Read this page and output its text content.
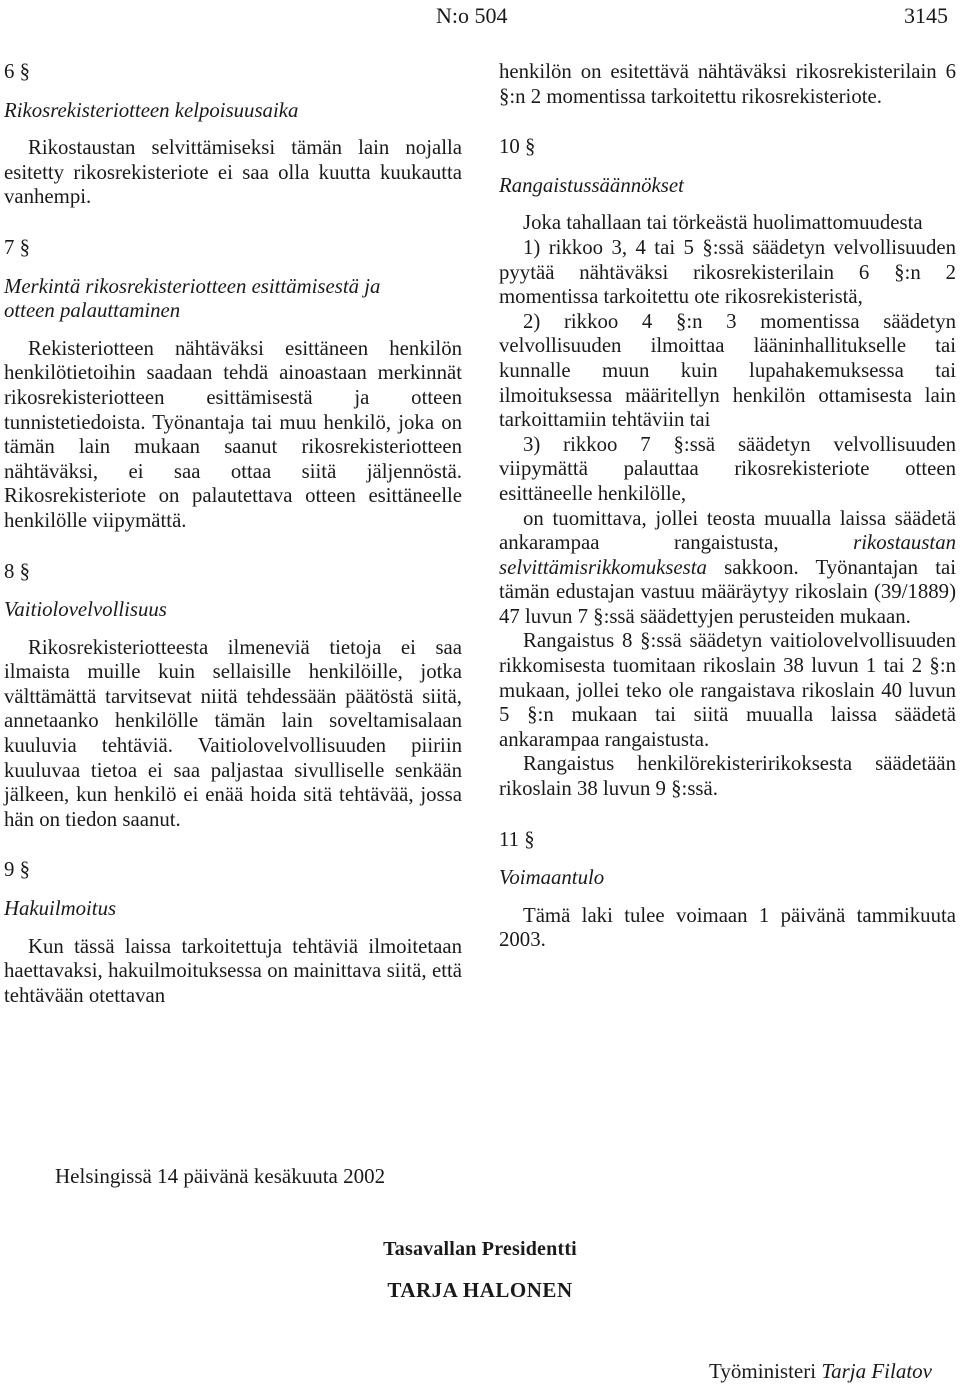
N:o 504	3145

6 §

Rikosrekisteriotteen kelpoisuusaika

Rikostaustan selvittämiseksi tämän lain nojalla esitetty rikosrekisteriote ei saa olla kuutta kuukautta vanhempi.

7 §

Merkintä rikosrekisteriotteen esittämisestä ja

otteen palauttaminen

Rekisteriotteen nähtäväksi esittäneen henkilön henkilötietoihin saadaan tehdä ainoastaan merkinnät rikosrekisteriotteen esittämisestä ja otteen tunnistetiedoista. Työnantaja tai muu henkilö, joka on tämän lain mukaan saanut rikosrekisteriotteen nähtäväksi, ei saa ottaa siitä jäljennöstä. Rikosrekisteriote on palautettava otteen esittäneelle henkilölle viipymättä.

8 §

Vaitiolovelvollisuus

Rikosrekisteriotteesta ilmeneviä tietoja ei saa ilmaista muille kuin sellaisille henkilöille, jotka välttämättä tarvitsevat niitä tehdessään päätöstä siitä, annetaanko henkilölle tämän lain soveltamisalaan kuuluvia tehtäviä. Vaitiolovelvollisuuden piiriin kuuluvaa tietoa ei saa paljastaa sivulliselle senkään jälkeen, kun henkilö ei enää hoida sitä tehtävää, jossa hän on tiedon saanut.

9 §

Hakuilmoitus

Kun tässä laissa tarkoitettuja tehtäviä ilmoitetaan haettavaksi, hakuilmoituksessa on mainittava siitä, että tehtävään otettavan

henkilön on esitettävä nähtäväksi rikosrekisterilain 6 §:n 2 momentissa tarkoitettu rikosrekisteriote.

10 §

Rangaistussäännökset

Joka tahallaan tai törkeästä huolimattomuudesta

1) rikkoo 3, 4 tai 5 §:ssä säädetyn velvollisuuden pyytää nähtäväksi rikosrekisterilain 6 §:n 2 momentissa tarkoitettu ote rikosrekisteristä,

2) rikkoo 4 §:n 3 momentissa säädetyn velvollisuuden ilmoittaa lääninhallitukselle tai kunnalle muun kuin lupahakemuksessa tai ilmoituksessa määritellyn henkilön ottamisesta lain tarkoittamiin tehtäviin tai

3) rikkoo 7 §:ssä säädetyn velvollisuuden viipymättä palauttaa rikosrekisteriote otteen esittäneelle henkilölle,

on tuomittava, jollei teosta muualla laissa säädetä ankarampaa rangaistusta, rikostaustan selvittämisrikkomuksesta sakkoon. Työnantajan tai tämän edustajan vastuu määräytyy rikoslain (39/1889) 47 luvun 7 §:ssä säädettyjen perusteiden mukaan.

Rangaistus 8 §:ssä säädetyn vaitiolovelvollisuuden rikkomisesta tuomitaan rikoslain 38 luvun 1 tai 2 §:n mukaan, jollei teko ole rangaistava rikoslain 40 luvun 5 §:n mukaan tai siitä muualla laissa säädetä ankarampaa rangaistusta.

Rangaistus henkilörekisteririkoksesta säädetään rikoslain 38 luvun 9 §:ssä.

11 §

Voimaantulo

Tämä laki tulee voimaan 1 päivänä tammikuuta 2003.

Helsingissä 14 päivänä kesäkuuta 2002
Tasavallan Presidentti
TARJA HALONEN
Työministeri Tarja Filatov
